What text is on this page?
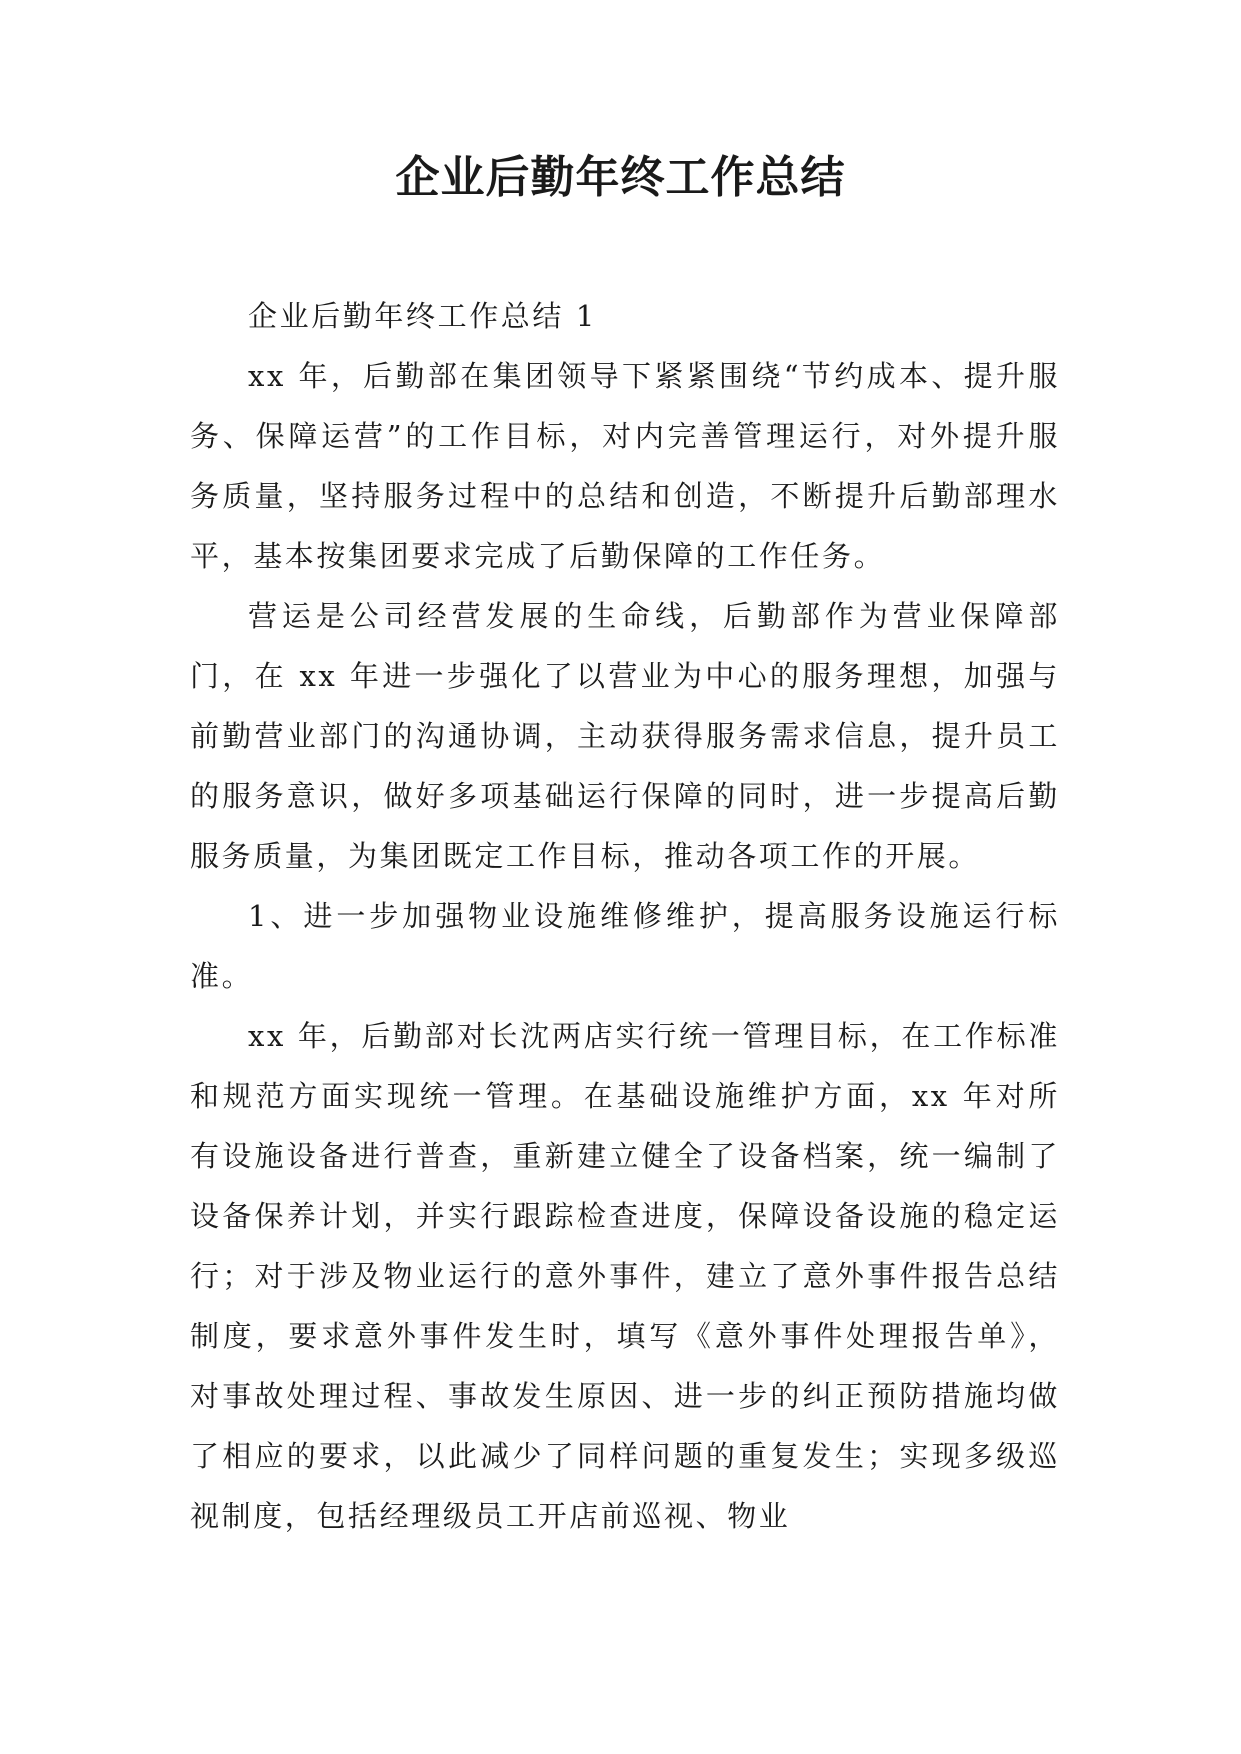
企业后勤年终工作总结

企业后勤年终工作总结 1

xx 年，后勤部在集团领导下紧紧围绕“节约成本、提升服务、保障运营”的工作目标，对内完善管理运行，对外提升服务质量，坚持服务过程中的总结和创造，不断提升后勤部理水平，基本按集团要求完成了后勤保障的工作任务。

营运是公司经营发展的生命线，后勤部作为营业保障部门，在 xx 年进一步强化了以营业为中心的服务理想，加强与前勤营业部门的沟通协调，主动获得服务需求信息，提升员工的服务意识，做好多项基础运行保障的同时，进一步提高后勤服务质量，为集团既定工作目标，推动各项工作的开展。

1、进一步加强物业设施维修维护，提高服务设施运行标准。

xx 年，后勤部对长沈两店实行统一管理目标，在工作标准和规范方面实现统一管理。在基础设施维护方面，xx 年对所有设施设备进行普查，重新建立健全了设备档案，统一编制了设备保养计划，并实行跟踪检查进度，保障设备设施的稳定运行；对于涉及物业运行的意外事件，建立了意外事件报告总结制度，要求意外事件发生时，填写《意外事件处理报告单》，对事故处理过程、事故发生原因、进一步的纠正预防措施均做了相应的要求，以此减少了同样问题的重复发生；实现多级巡视制度，包括经理级员工开店前巡视、物业
